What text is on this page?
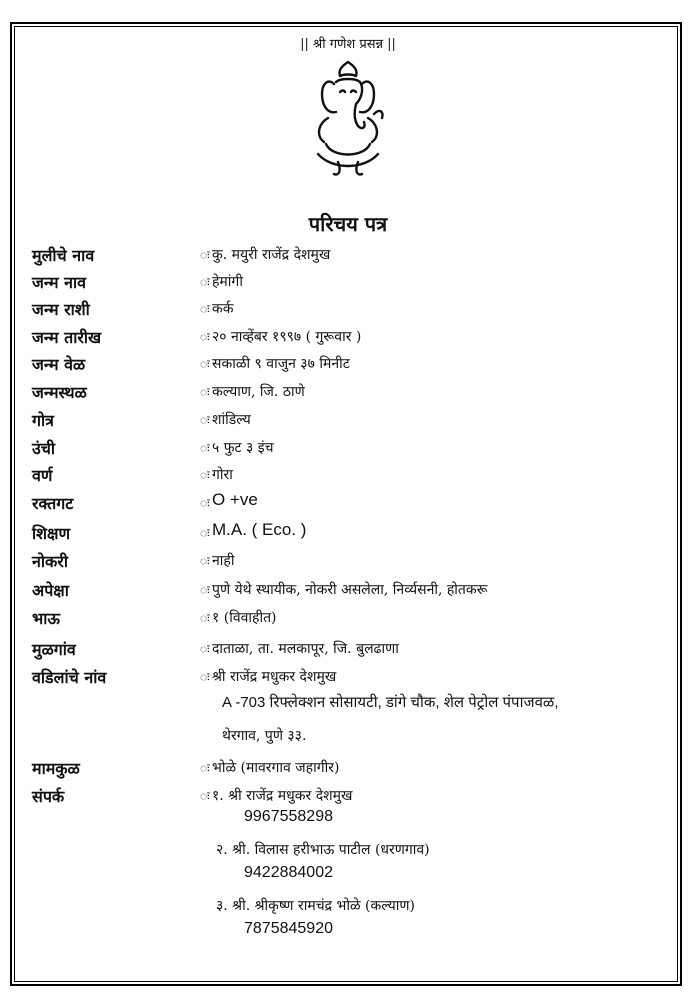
|| श्री गणेश प्रसन्न ||
परिचय पत्र
मुलीचे नाव	ः कु. मयुरी राजेंद्र देशमुख
जन्म नाव	ः हेमांगी
जन्म राशी	ः कर्क
जन्म तारीख	ः २० नाव्हेंबर १९९७ ( गुरूवार )
जन्म वेळ	ः सकाळी ९ वाजुन ३७ मिनीट
जन्मस्थळ	ः कल्याण, जि. ठाणे
गोत्र	ः शांडिल्य
उंची	ः ५ फुट ३ इंच
वर्ण	ः गोरा
रक्तगट	ः O +ve
शिक्षण	ः M.A. ( Eco. )
नोकरी	ः नाही
अपेक्षा	ः पुणे येथे स्थायीक, नोकरी असलेला, निर्व्यसनी, होतकरू
भाऊ	ः १ (विवाहीत)
मुळगांव	ः दाताळा, ता. मलकापूर, जि. बुलढाणा
वडिलांचे नांव	ः श्री राजेंद्र मधुकर देशमुख
A -703 रिफ्लेक्शन सोसायटी, डांगे चौक, शेल पेट्रोल पंपाजवळ,
थेरगाव, पुणे ३३.
मामकुळ	ः भोळे (मावरगाव जहागीर)
संपर्क	ः १. श्री राजेंद्र मधुकर देशमुख
9967558298
२. श्री. विलास हरीभाऊ पाटील (धरणगाव)
9422884002
३. श्री. श्रीकृष्ण रामचंद्र भोळे (कल्याण)
7875845920
